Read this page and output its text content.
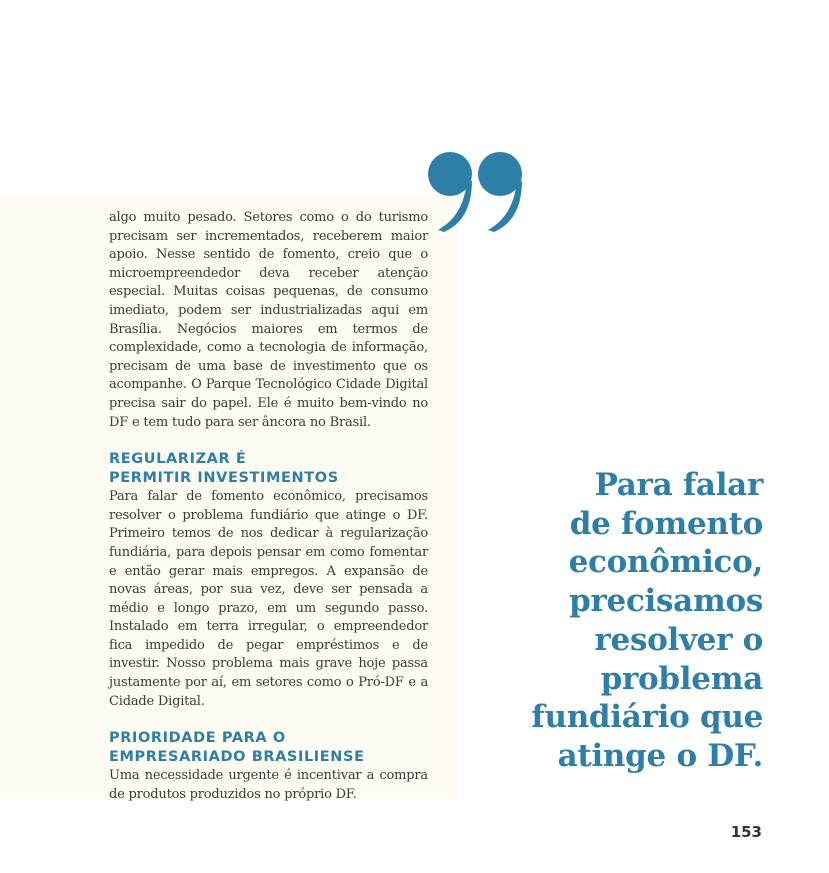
algo muito pesado. Setores como o do turismo precisam ser incrementados, receberem maior apoio. Nesse sentido de fomento, creio que o microempreendedor deva receber atenção especial. Muitas coisas pequenas, de consumo imediato, podem ser industrializadas aqui em Brasília. Negócios maiores em termos de complexidade, como a tecnologia de informação, precisam de uma base de investimento que os acompanhe. O Parque Tecnológico Cidade Digital precisa sair do papel. Ele é muito bem-vindo no DF e tem tudo para ser âncora no Brasil.

REGULARIZAR É
PERMITIR INVESTIMENTOS

Para falar de fomento econômico, precisamos resolver o problema fundiário que atinge o DF. Primeiro temos de nos dedicar à regularização fundiária, para depois pensar em como fomentar e então gerar mais empregos. A expansão de novas áreas, por sua vez, deve ser pensada a médio e longo prazo, em um segundo passo. Instalado em terra irregular, o empreendedor fica impedido de pegar empréstimos e de investir. Nosso problema mais grave hoje passa justamente por aí, em setores como o Pró-DF e a Cidade Digital.

PRIORIDADE PARA O
EMPRESARIADO BRASILIENSE

Uma necessidade urgente é incentivar a compra de produtos produzidos no próprio DF.

Para falar
de fomento
econômico,
precisamos
resolver o
problema
fundiário que
atinge o DF.

153
